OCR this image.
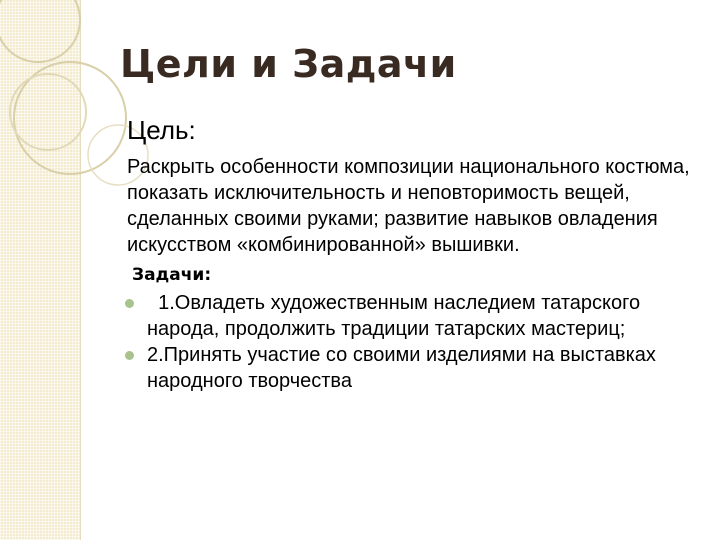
Цели и Задачи
Цель:

Раскрыть особенности композиции национального костюма, показать исключительность и неповторимость вещей, сделанных своими руками; развитие навыков овладения искусством «комбинированной» вышивки.

Задачи:
1.Овладеть художественным наследием татарского народа, продолжить традиции татарских мастериц;
2.Принять участие со своими изделиями на выставках народного творчества
